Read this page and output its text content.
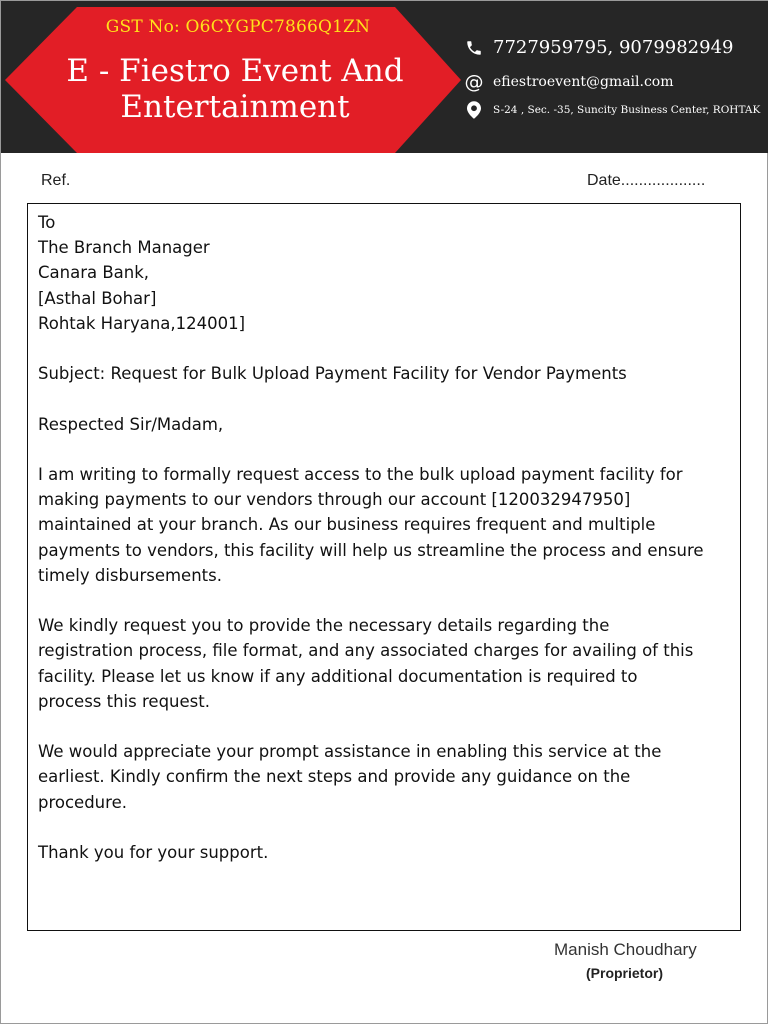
GST No: O6CYGPC7866Q1ZN
E - Fiestro Event And
Entertainment
7727959795, 9079982949
@ efiestroevent@gmail.com
S-24 , Sec. -35, Suncity Business Center, ROHTAK
Ref.	Date...................
To
The Branch Manager
Canara Bank,
[Asthal Bohar]
Rohtak Haryana,124001]
Subject: Request for Bulk Upload Payment Facility for Vendor Payments
Respected Sir/Madam,
I am writing to formally request access to the bulk upload payment facility for
making payments to our vendors through our account [120032947950]
maintained at your branch. As our business requires frequent and multiple
payments to vendors, this facility will help us streamline the process and ensure
timely disbursements.
We kindly request you to provide the necessary details regarding the
registration process, file format, and any associated charges for availing of this
facility. Please let us know if any additional documentation is required to
process this request.
We would appreciate your prompt assistance in enabling this service at the
earliest. Kindly confirm the next steps and provide any guidance on the
procedure.
Thank you for your support.
Manish Choudhary
(Proprietor)
